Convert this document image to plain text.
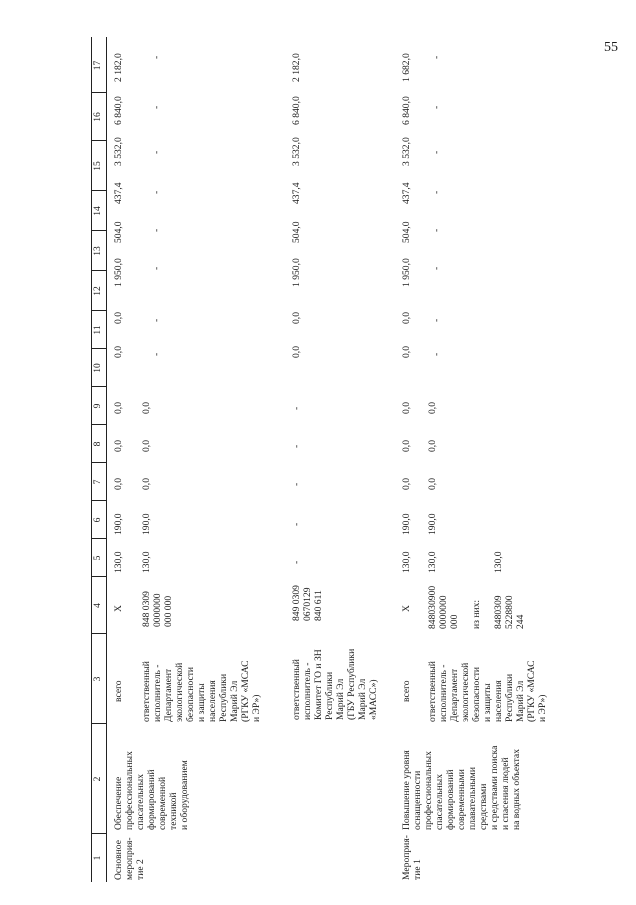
55
1
2
3
4
5
6
7
8
9
10
11
12
13
14
15
16
17
Основное
мероприя-
тие 2
Обеспечение
профессиональных
спасательных
формирований
современной
техникой
и оборудованием
всего
X
130,0
190,0
0,0
0,0
0,0
0,0
0,0
1 950,0
504,0
437,4
3 532,0
6 840,0
2 182,0
ответственный
исполнитель -
Департамент
экологической
безопасности
и защиты
населения
Республики
Марий Эл
(РГКУ «МСАС
и ЭР»)
848 0309
0000000
000 000
130,0
190,0
0,0
0,0
0,0
-
-
-
-
-
-
-
-
ответственный
исполнитель -
Комитет ГО и ЗН
Республики
Марий Эл
(ГБУ Республики
Марий Эл
«МАСС»)
849 0309
0670129
840 611
-
-
-
-
-
0,0
0,0
1 950,0
504,0
437,4
3 532,0
6 840,0
2 182,0
Мероприя-
тие 1
Повышение уровня
оснащенности
профессиональных
спасательных
формирований
современными
плавательными
средствами
и средствами поиска
и спасения людей
на водных объектах
всего
X
130,0
190,0
0,0
0,0
0,0
0,0
0,0
1 950,0
504,0
437,4
3 532,0
6 840,0
1 682,0
ответственный
исполнитель -
Департамент
экологической
безопасности
и защиты
населения
Республики
Марий Эл
(РГКУ «МСАС
и ЭР»)
848030900
0000000
000

из них:

8480309
5228800
244
130,0

130,0
190,0
0,0
0,0
0,0
-
-
-
-
-
-
-
-
